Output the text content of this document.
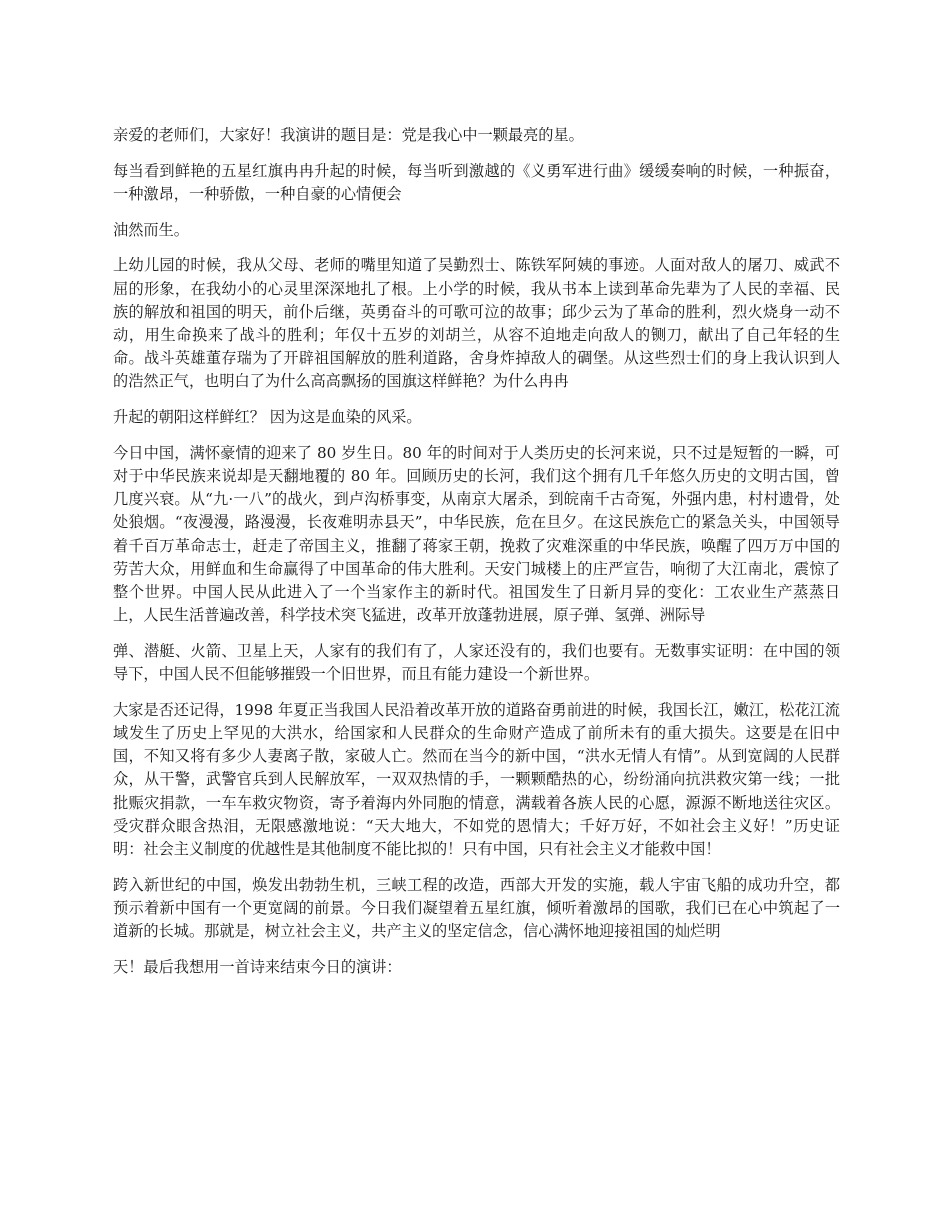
亲爱的老师们，大家好！我演讲的题目是：党是我心中一颗最亮的星。

每当看到鲜艳的五星红旗冉冉升起的时候，每当听到激越的《义勇军进行曲》缓缓奏响的时候，一种振奋，一种激昂，一种骄傲，一种自豪的心情便会

油然而生。

上幼儿园的时候，我从父母、老师的嘴里知道了吴勤烈士、陈铁军阿姨的事迹。人面对敌人的屠刀、威武不屈的形象，在我幼小的心灵里深深地扎了根。上小学的时候，我从书本上读到革命先辈为了人民的幸福、民族的解放和祖国的明天，前仆后继，英勇奋斗的可歌可泣的故事；邱少云为了革命的胜利，烈火烧身一动不动，用生命换来了战斗的胜利；年仅十五岁的刘胡兰，从容不迫地走向敌人的铡刀，献出了自己年轻的生命。战斗英雄董存瑞为了开辟祖国解放的胜利道路，舍身炸掉敌人的碉堡。从这些烈士们的身上我认识到人的浩然正气，也明白了为什么高高飘扬的国旗这样鲜艳？为什么冉冉

升起的朝阳这样鲜红？ 因为这是血染的风采。

今日中国，满怀豪情的迎来了 80 岁生日。80 年的时间对于人类历史的长河来说，只不过是短暂的一瞬，可对于中华民族来说却是天翻地覆的 80 年。回顾历史的长河，我们这个拥有几千年悠久历史的文明古国，曾几度兴衰。从“九·一八”的战火，到卢沟桥事变，从南京大屠杀，到皖南千古奇冤，外强内患，村村遗骨，处处狼烟。“夜漫漫，路漫漫，长夜难明赤县天”，中华民族，危在旦夕。在这民族危亡的紧急关头，中国领导着千百万革命志士，赶走了帝国主义，推翻了蒋家王朝，挽救了灾难深重的中华民族，唤醒了四万万中国的劳苦大众，用鲜血和生命赢得了中国革命的伟大胜利。天安门城楼上的庄严宣告，响彻了大江南北，震惊了整个世界。中国人民从此进入了一个当家作主的新时代。祖国发生了日新月异的变化：工农业生产蒸蒸日上，人民生活普遍改善，科学技术突飞猛进，改革开放蓬勃进展，原子弹、氢弹、洲际导

弹、潜艇、火箭、卫星上天，人家有的我们有了，人家还没有的，我们也要有。无数事实证明：在中国的领导下，中国人民不但能够摧毁一个旧世界，而且有能力建设一个新世界。

大家是否还记得，1998 年夏正当我国人民沿着改革开放的道路奋勇前进的时候，我国长江，嫩江，松花江流域发生了历史上罕见的大洪水，给国家和人民群众的生命财产造成了前所未有的重大损失。这要是在旧中国，不知又将有多少人妻离子散，家破人亡。然而在当今的新中国，“洪水无情人有情”。从到宽阔的人民群众，从干警，武警官兵到人民解放军，一双双热情的手，一颗颗酷热的心，纷纷涌向抗洪救灾第一线；一批批赈灾捐款，一车车救灾物资，寄予着海内外同胞的情意，满载着各族人民的心愿，源源不断地送往灾区。受灾群众眼含热泪，无限感激地说：“天大地大，不如党的恩情大；千好万好，不如社会主义好！”历史证明：社会主义制度的优越性是其他制度不能比拟的！只有中国，只有社会主义才能救中国！

跨入新世纪的中国，焕发出勃勃生机，三峡工程的改造，西部大开发的实施，载人宇宙飞船的成功升空，都预示着新中国有一个更宽阔的前景。今日我们凝望着五星红旗，倾听着激昂的国歌，我们已在心中筑起了一道新的长城。那就是，树立社会主义，共产主义的坚定信念，信心满怀地迎接祖国的灿烂明

天！最后我想用一首诗来结束今日的演讲：
